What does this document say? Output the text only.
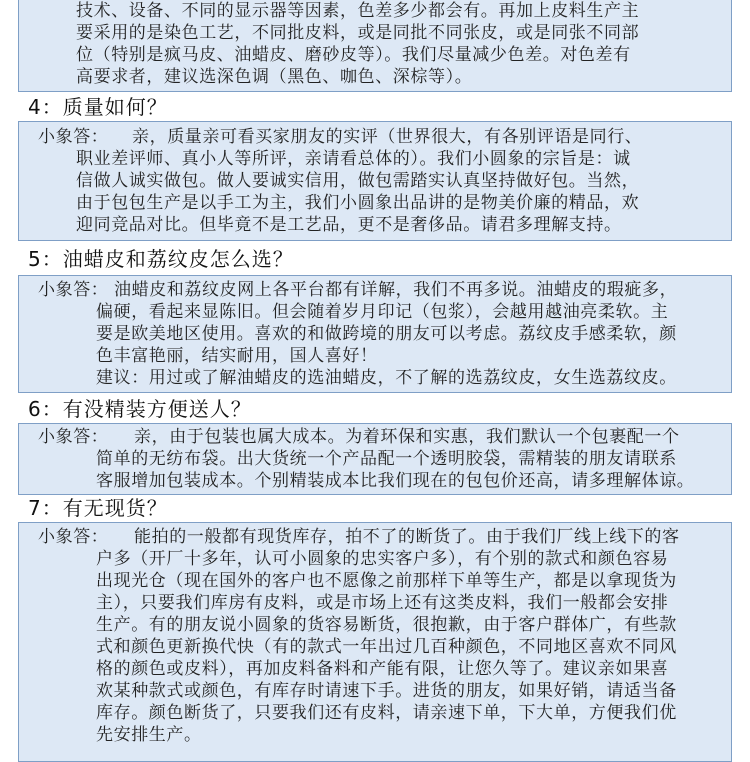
技术、设备、不同的显示器等因素，色差多少都会有。再加上皮料生产主
要采用的是染色工艺，不同批皮料，或是同批不同张皮，或是同张不同部
位（特别是疯马皮、油蜡皮、磨砂皮等）。我们尽量减少色差。对色差有
高要求者，建议选深色调（黑色、咖色、深棕等）。
4：质量如何？
小象答： 亲，质量亲可看买家朋友的实评（世界很大，有各别评语是同行、
职业差评师、真小人等所评，亲请看总体的）。我们小圆象的宗旨是：诚
信做人诚实做包。做人要诚实信用，做包需踏实认真坚持做好包。当然，
由于包包生产是以手工为主，我们小圆象出品讲的是物美价廉的精品，欢
迎同竞品对比。但毕竟不是工艺品，更不是奢侈品。请君多理解支持。
5：油蜡皮和荔纹皮怎么选？
小象答： 油蜡皮和荔纹皮网上各平台都有详解，我们不再多说。油蜡皮的瑕疵多，
偏硬，看起来显陈旧。但会随着岁月印记（包浆），会越用越油亮柔软。主
要是欧美地区使用。喜欢的和做跨境的朋友可以考虑。荔纹皮手感柔软，颜
色丰富艳丽，结实耐用，国人喜好！
建议：用过或了解油蜡皮的选油蜡皮，不了解的选荔纹皮，女生选荔纹皮。
6：有没精装方便送人？
小象答： 亲，由于包装也属大成本。为着环保和实惠，我们默认一个包裹配一个
简单的无纺布袋。出大货统一个产品配一个透明胶袋，需精装的朋友请联系
客服增加包装成本。个别精装成本比我们现在的包包价还高，请多理解体谅。
7：有无现货？
小象答： 能拍的一般都有现货库存，拍不了的断货了。由于我们厂线上线下的客
户多（开厂十多年，认可小圆象的忠实客户多），有个别的款式和颜色容易
出现光仓（现在国外的客户也不愿像之前那样下单等生产，都是以拿现货为
主），只要我们库房有皮料，或是市场上还有这类皮料，我们一般都会安排
生产。有的朋友说小圆象的货容易断货，很抱歉，由于客户群体广，有些款
式和颜色更新换代快（有的款式一年出过几百种颜色，不同地区喜欢不同风
格的颜色或皮料），再加皮料备料和产能有限，让您久等了。建议亲如果喜
欢某种款式或颜色，有库存时请速下手。进货的朋友，如果好销，请适当备
库存。颜色断货了，只要我们还有皮料，请亲速下单，下大单，方便我们优
先安排生产。
